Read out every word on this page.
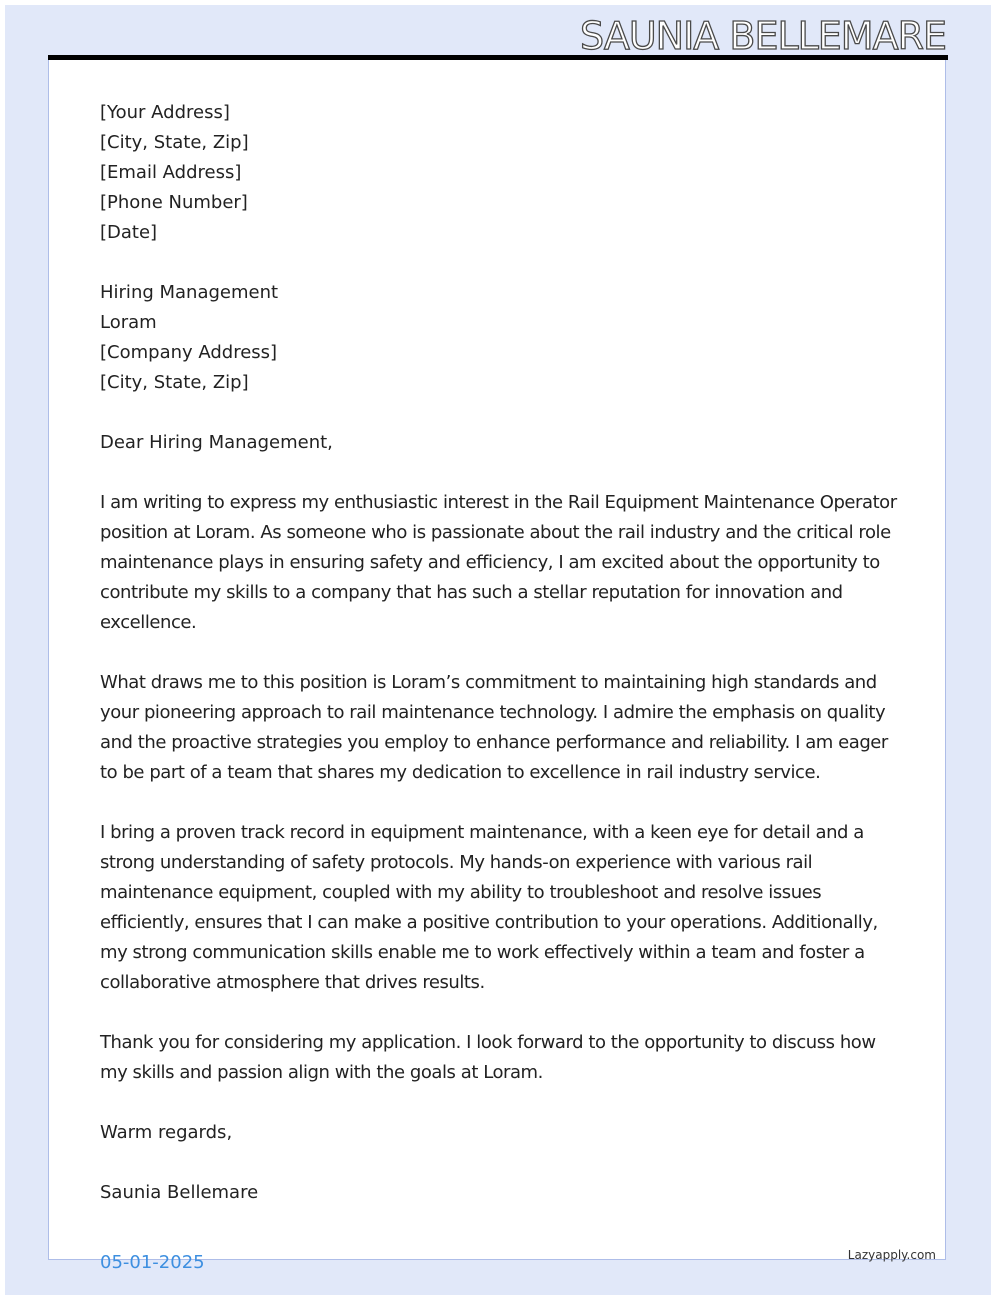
SAUNIA BELLEMARE
[Your Address]
[City, State, Zip]
[Email Address]
[Phone Number]
[Date]
Hiring Management
Loram
[Company Address]
[City, State, Zip]
Dear Hiring Management,

I am writing to express my enthusiastic interest in the Rail Equipment Maintenance Operator position at Loram. As someone who is passionate about the rail industry and the critical role maintenance plays in ensuring safety and efficiency, I am excited about the opportunity to contribute my skills to a company that has such a stellar reputation for innovation and excellence.

What draws me to this position is Loram’s commitment to maintaining high standards and your pioneering approach to rail maintenance technology. I admire the emphasis on quality and the proactive strategies you employ to enhance performance and reliability. I am eager to be part of a team that shares my dedication to excellence in rail industry service.

I bring a proven track record in equipment maintenance, with a keen eye for detail and a strong understanding of safety protocols. My hands-on experience with various rail maintenance equipment, coupled with my ability to troubleshoot and resolve issues efficiently, ensures that I can make a positive contribution to your operations. Additionally, my strong communication skills enable me to work effectively within a team and foster a collaborative atmosphere that drives results.

Thank you for considering my application. I look forward to the opportunity to discuss how my skills and passion align with the goals at Loram.

Warm regards,
Saunia Bellemare
05-01-2025	Lazyapply.com
